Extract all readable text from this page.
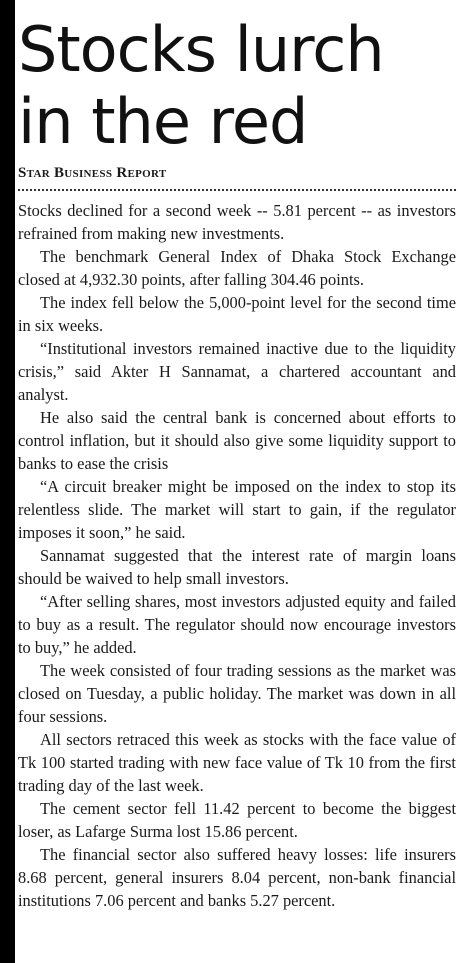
Stocks lurch in the red
Star Business Report

Stocks declined for a second week -- 5.81 percent -- as investors refrained from making new investments.

The benchmark General Index of Dhaka Stock Exchange closed at 4,932.30 points, after falling 304.46 points.

The index fell below the 5,000-point level for the second time in six weeks.

“Institutional investors remained inactive due to the liquidity crisis,” said Akter H Sannamat, a chartered accountant and analyst.

He also said the central bank is concerned about efforts to control inflation, but it should also give some liquidity support to banks to ease the crisis

“A circuit breaker might be imposed on the index to stop its relentless slide. The market will start to gain, if the regulator imposes it soon,” he said.

Sannamat suggested that the interest rate of margin loans should be waived to help small investors.

“After selling shares, most investors adjusted equity and failed to buy as a result. The regulator should now encourage investors to buy,” he added.

The week consisted of four trading sessions as the market was closed on Tuesday, a public holiday. The market was down in all four sessions.

All sectors retraced this week as stocks with the face value of Tk 100 started trading with new face value of Tk 10 from the first trading day of the last week.

The cement sector fell 11.42 percent to become the biggest loser, as Lafarge Surma lost 15.86 percent.

The financial sector also suffered heavy losses: life insurers 8.68 percent, general insurers 8.04 percent, non-bank financial institutions 7.06 percent and banks 5.27 percent.
